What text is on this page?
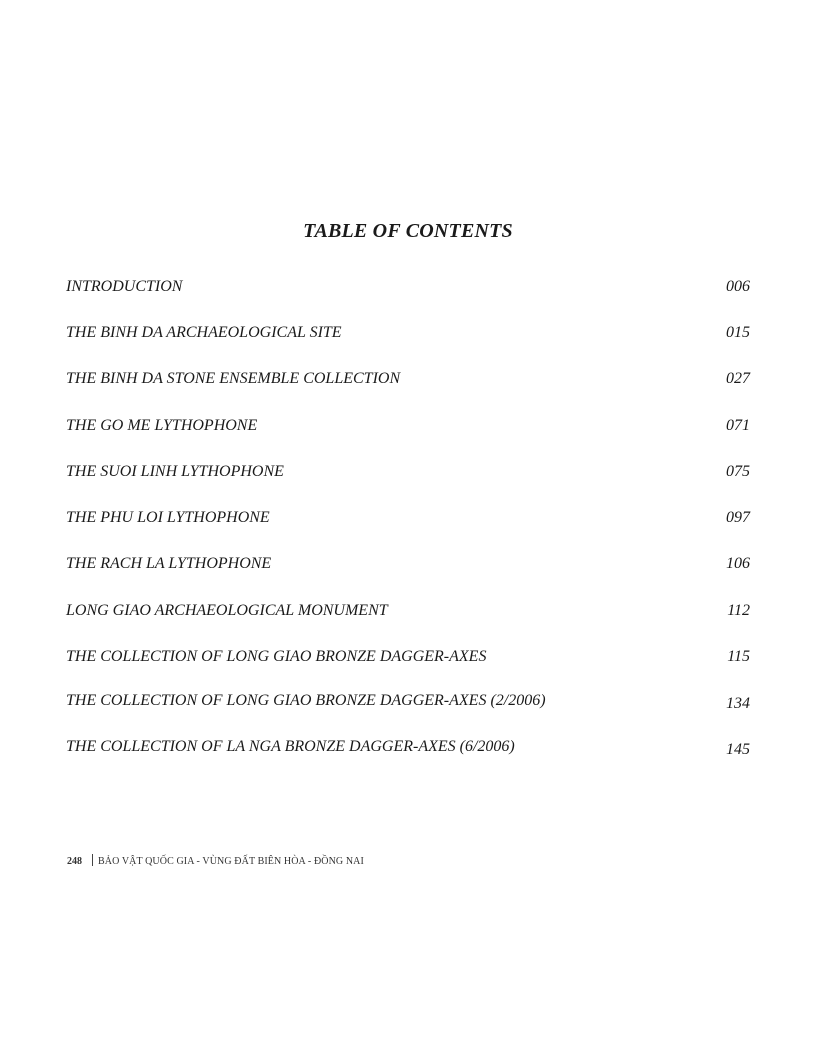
TABLE OF CONTENTS
INTRODUCTION	006
THE BINH DA ARCHAEOLOGICAL SITE	015
THE BINH DA STONE ENSEMBLE COLLECTION	027
THE GO ME LYTHOPHONE	071
THE SUOI LINH LYTHOPHONE	075
THE PHU LOI LYTHOPHONE	097
THE RACH LA LYTHOPHONE	106
LONG GIAO ARCHAEOLOGICAL MONUMENT	112
THE COLLECTION OF LONG GIAO BRONZE DAGGER-AXES	115
THE COLLECTION OF LONG GIAO BRONZE DAGGER-AXES (2/2006)	134
THE COLLECTION OF LA NGA BRONZE DAGGER-AXES (6/2006)	145
248 BẢO VẬT QUỐC GIA - VÙNG ĐẤT BIÊN HÒA - ĐỒNG NAI
